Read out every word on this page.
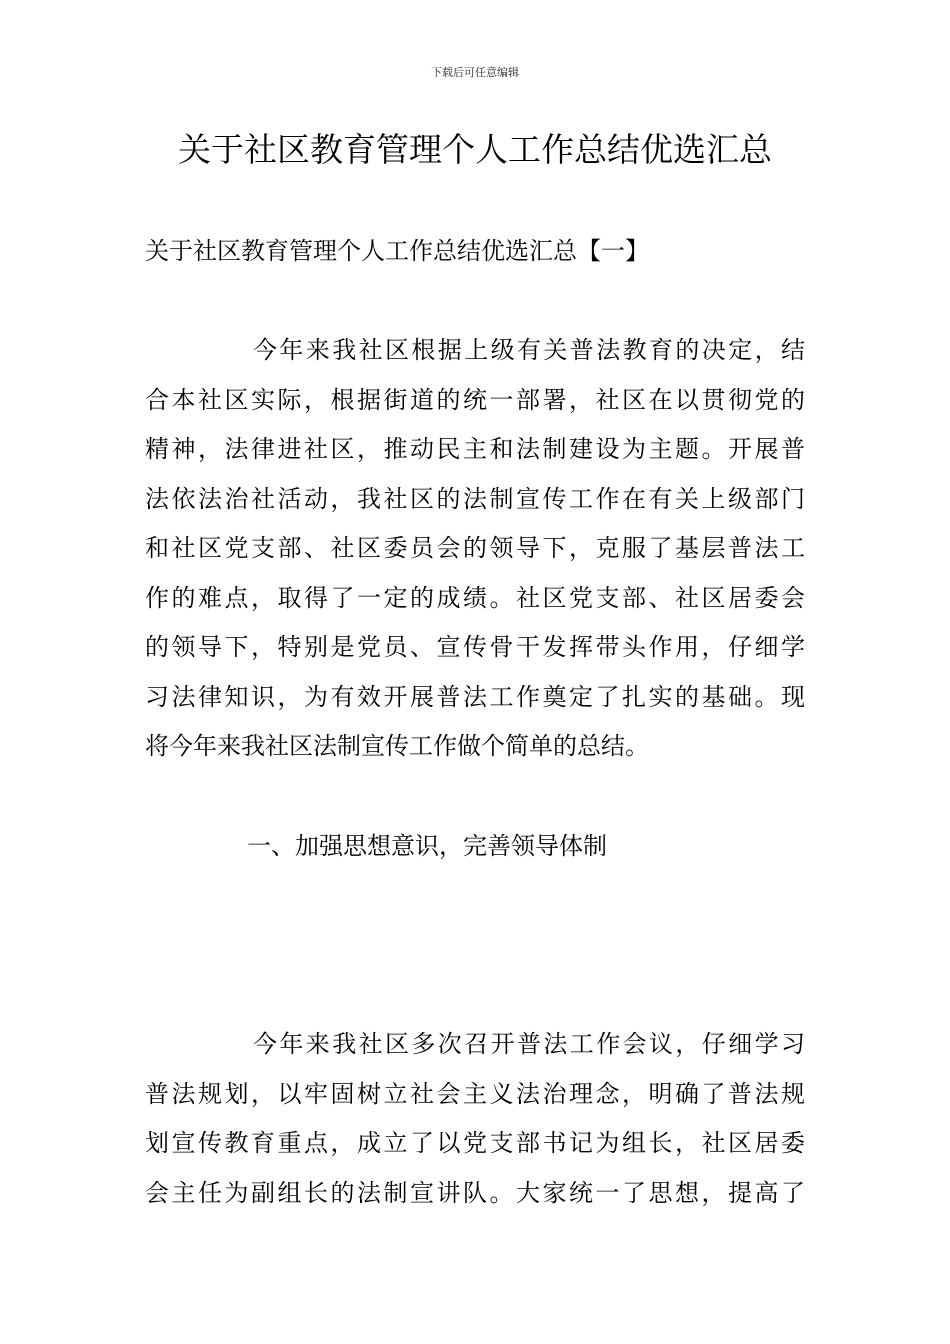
下载后可任意编辑
关于社区教育管理个人工作总结优选汇总
关于社区教育管理个人工作总结优选汇总【一】
今年来我社区根据上级有关普法教育的决定，结
合本社区实际，根据街道的统一部署，社区在以贯彻党的
精神，法律进社区，推动民主和法制建设为主题。开展普
法依法治社活动，我社区的法制宣传工作在有关上级部门
和社区党支部、社区委员会的领导下，克服了基层普法工
作的难点，取得了一定的成绩。社区党支部、社区居委会
的领导下，特别是党员、宣传骨干发挥带头作用，仔细学
习法律知识，为有效开展普法工作奠定了扎实的基础。现
将今年来我社区法制宣传工作做个简单的总结。
一、加强思想意识，完善领导体制
今年来我社区多次召开普法工作会议，仔细学习
普法规划，以牢固树立社会主义法治理念，明确了普法规
划宣传教育重点，成立了以党支部书记为组长，社区居委
会主任为副组长的法制宣讲队。大家统一了思想，提高了
